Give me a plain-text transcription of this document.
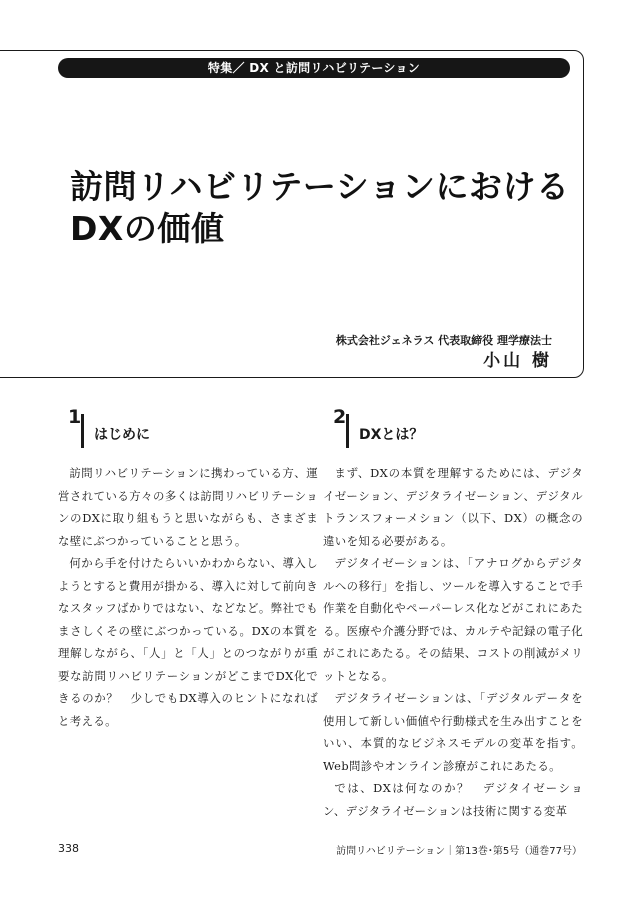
特集／ DX と訪問リハビリテーション
訪問リハビリテーションにおける
DXの価値
株式会社ジェネラス 代表取締役 理学療法士
小山 樹
1
はじめに

訪問リハビリテーションに携わっている方、運営されている方々の多くは訪問リハビリテーションのDXに取り組もうと思いながらも、さまざまな壁にぶつかっていることと思う。

何から手を付けたらいいかわからない、導入しようとすると費用が掛かる、導入に対して前向きなスタッフばかりではない、などなど。弊社でもまさしくその壁にぶつかっている。DXの本質を理解しながら、「人」と「人」とのつながりが重要な訪問リハビリテーションがどこまでDX化できるのか？　少しでもDX導入のヒントになればと考える。

2
DXとは？

まず、DXの本質を理解するためには、デジタイゼーション、デジタライゼーション、デジタルトランスフォーメション（以下、DX）の概念の違いを知る必要がある。

デジタイゼーションは、「アナログからデジタルへの移行」を指し、ツールを導入することで手作業を自動化やペーパーレス化などがこれにあたる。医療や介護分野では、カルテや記録の電子化がこれにあたる。その結果、コストの削減がメリットとなる。

デジタライゼーションは、「デジタルデータを使用して新しい価値や行動様式を生み出すことをいい、本質的なビジネスモデルの変革を指す。Web問診やオンライン診療がこれにあたる。

では、DXは何なのか？　デジタイゼーション、デジタライゼーションは技術に関する変革

338	訪問リハビリテーション｜第13巻･第5号（通巻77号）
